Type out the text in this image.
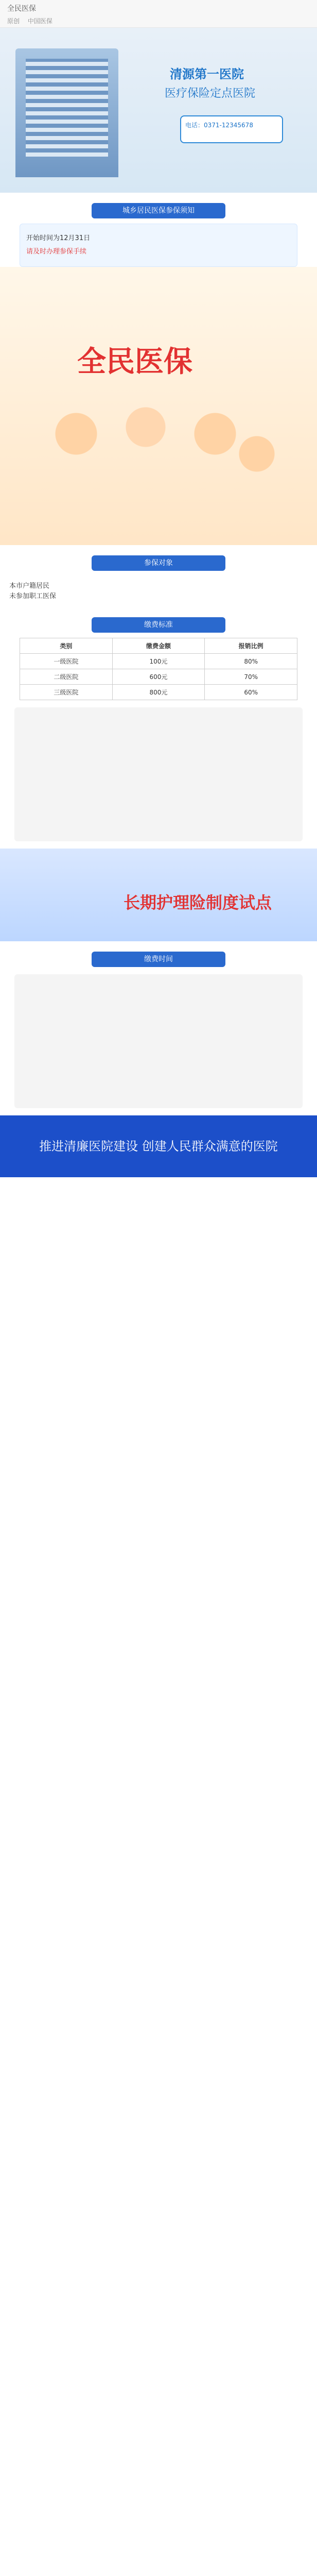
全民医保
原创 中国医保
清源第一医院
医疗保险定点医院
电话：0371-12345678
城乡居民医保参保须知

开始时间为12月31日

请及时办理参保手续

全民医保
参保对象
本市户籍居民
未参加职工医保
缴费标准
类别	缴费金额	报销比例
一级医院	100元	80%
二级医院	600元	70%
三级医院	800元	60%
长期护理险制度试点
缴费时间
推进清廉医院建设 创建人民群众满意的医院
